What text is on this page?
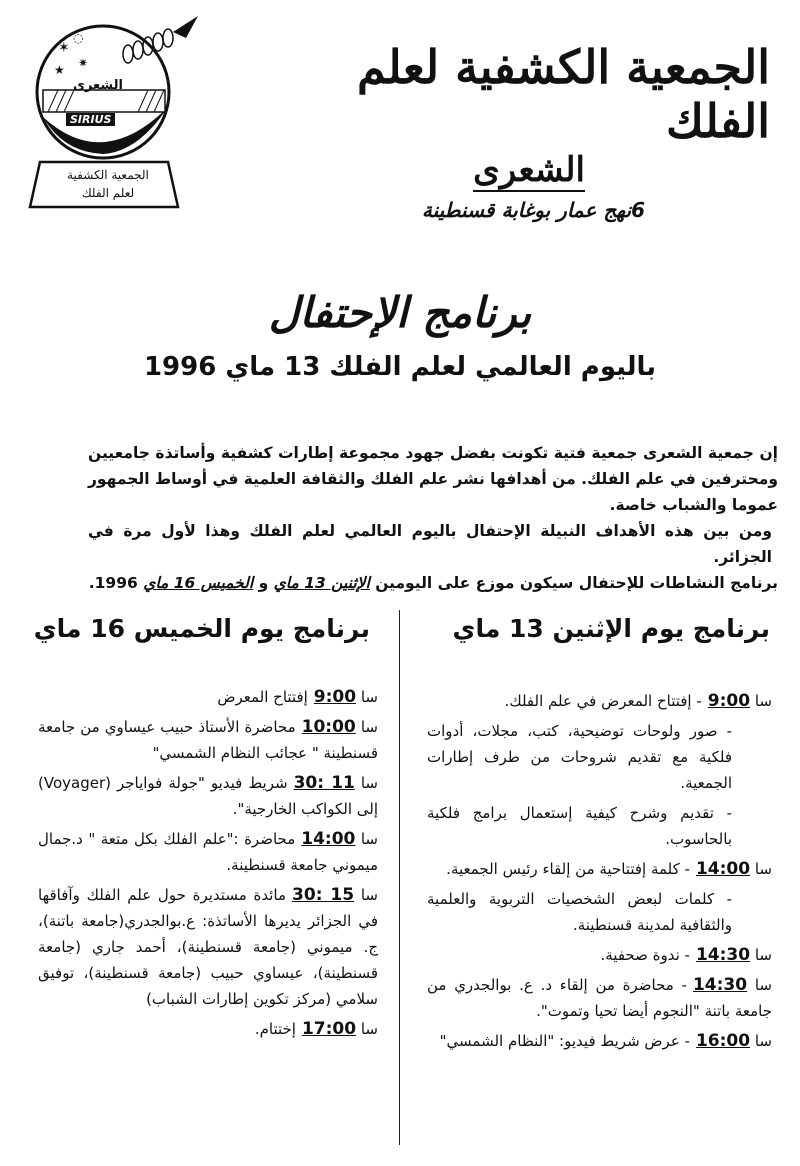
✶
✷
★
◌
الشعرى
SIRIUS
الجمعية الكشفية
لعلم الفلك
الجمعية الكشفية لعلم الفلك
الشعرى
6نهج عمار بوغابة قسنطينة
برنامج الإحتفال
باليوم العالمي لعلم الفلك 13 ماي 1996

إن جمعية الشعرى جمعية فتية تكونت بفضل جهود مجموعة إطارات كشفية وأساتذة جامعيين ومحترفين في علم الفلك. من أهدافها نشر علم الفلك والثقافة العلمية في أوساط الجمهور عموما والشباب خاصة.

ومن بين هذه الأهداف النبيلة الإحتفال باليوم العالمي لعلم الفلك وهذا لأول مرة في الجزائر.

برنامج النشاطات للإحتفال سيكون موزع على اليومين الإثنين 13 ماي و الخميس 16 ماي 1996.

برنامج يوم الإثنين 13 ماي
برنامج يوم الخميس 16 ماي

سا 9:00- إفتتاح المعرض في علم الفلك.

- صور ولوحات توضيحية، كتب، مجلات، أدوات فلكية مع تقديم شروحات من طرف إطارات الجمعية.

- تقديم وشرح كيفية إستعمال برامج فلكية بالحاسوب.

سا 14:00- كلمة إفتتاحية من إلقاء رئيس الجمعية.

- كلمات لبعض الشخصيات التربوية والعلمية والثقافية لمدينة قسنطينة.

سا 14:30- ندوة صحفية.

سا 14:30- محاضرة من إلقاء د. ع. بوالجدري من جامعة باتنة "النجوم أيضا تحيا وتموت".

سا 16:00- عرض شريط فيديو: "النظام الشمسي"

سا 9:00إفتتاح المعرض

سا 10:00محاضرة الأستاذ حبيب عيساوي من جامعة قسنطينة " عجائب النظام الشمسي"

سا 11 :30شريط فيديو "جولة فواياجر (Voyager) إلى الكواكب الخارجية".

سا 14:00محاضرة :"علم الفلك بكل متعة " د.جمال ميموني جامعة قسنطينة.

سا 15 :30مائدة مستديرة حول علم الفلك وآفاقها في الجزائر يديرها الأساتذة: ع.بوالجدري(جامعة باتنة)، ج. ميموني (جامعة قسنطينة)، أحمد جاري (جامعة قسنطينة)، عيساوي حبيب (جامعة قسنطينة)، توفيق سلامي (مركز تكوين إطارات الشباب)

سا 17:00إختتام.
